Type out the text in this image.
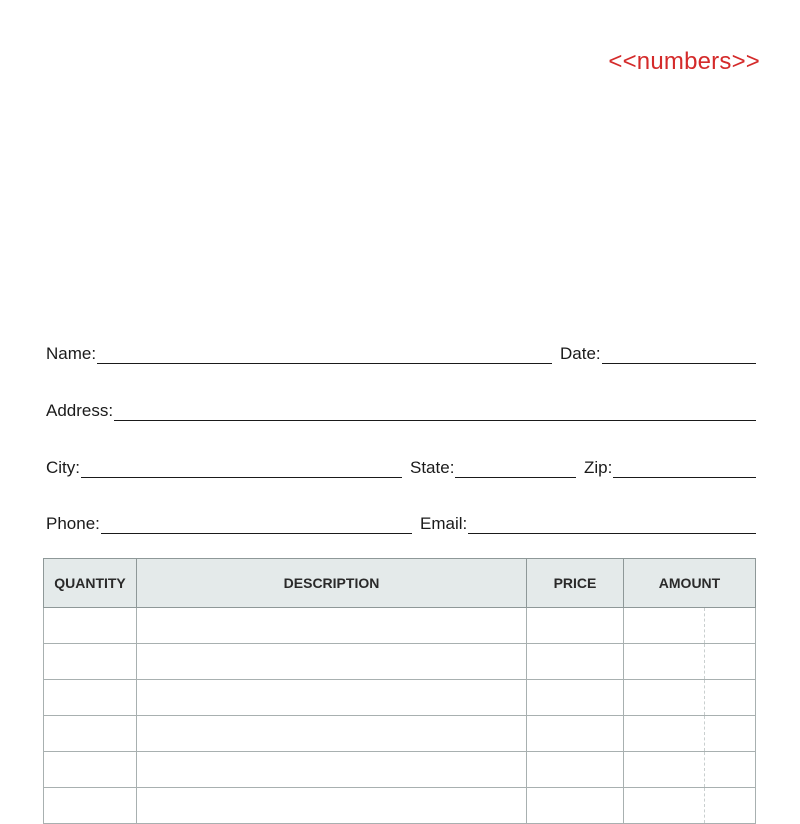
<<numbers>>
Name:	Date:
Address:
City:	State:	Zip:
Phone:	Email:
QUANTITY	DESCRIPTION	PRICE	AMOUNT
